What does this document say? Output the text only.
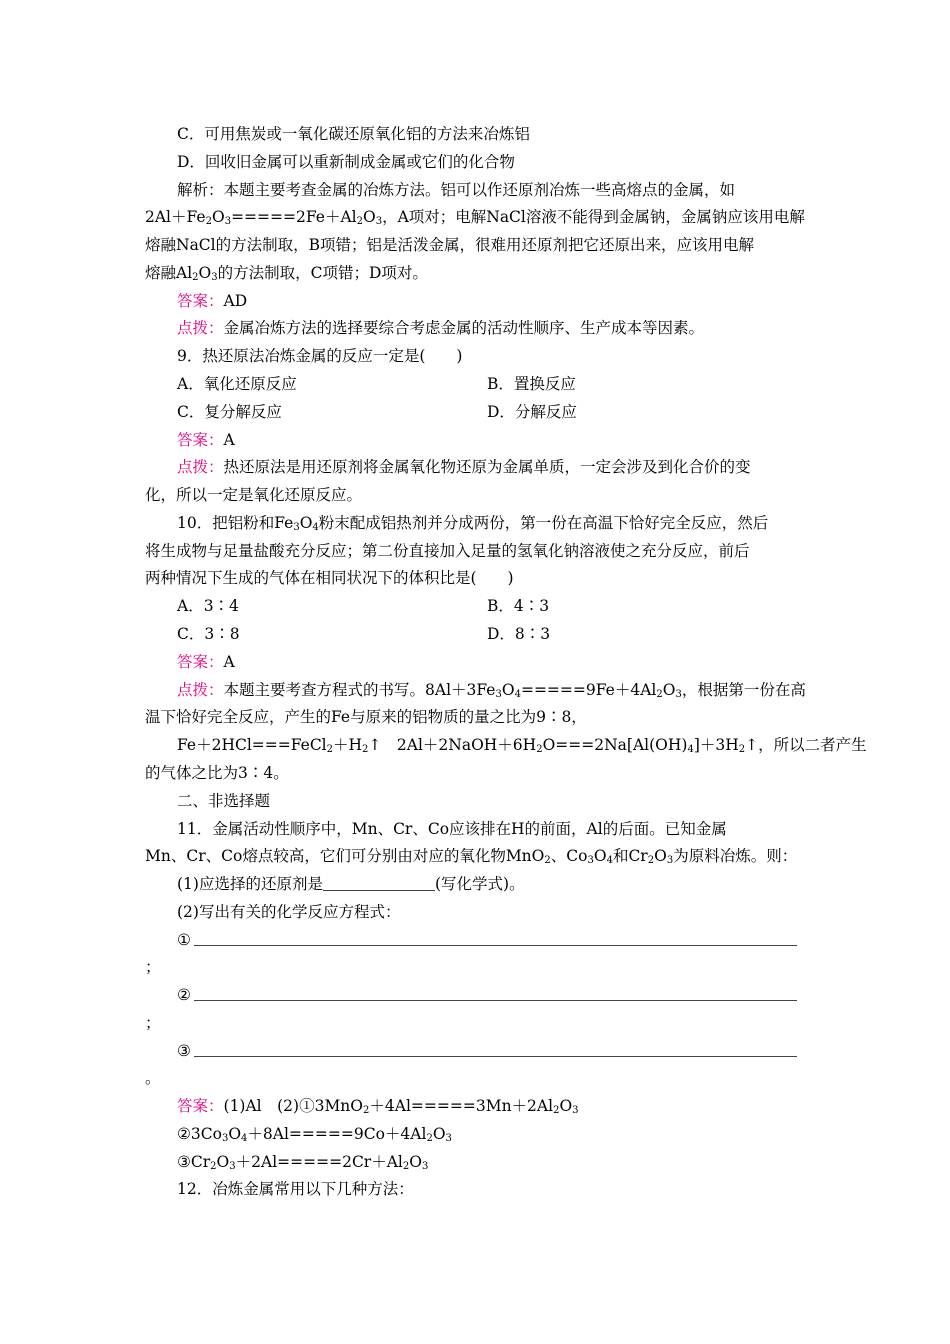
C．可用焦炭或一氧化碳还原氧化铝的方法来冶炼铝
D．回收旧金属可以重新制成金属或它们的化合物
解析：本题主要考查金属的冶炼方法。铝可以作还原剂冶炼一些高熔点的金属，如
$2Al+Fe_2O_3=====2Fe+Al_2O_3$，A项对；电解NaCl溶液不能得到金属钠，金属钠应该用电解
熔融NaCl的方法制取，B项错；铝是活泼金属，很难用还原剂把它还原出来，应该用电解
熔融$Al_2O_3$的方法制取，C项错；D项对。
答案：AD
点拨：金属冶炼方法的选择要综合考虑金属的活动性顺序、生产成本等因素。
9．热还原法冶炼金属的反应一定是(　　)
A．氧化还原反应	B．置换反应
C．复分解反应	D．分解反应
答案：A
点拨：热还原法是用还原剂将金属氧化物还原为金属单质，一定会涉及到化合价的变
化，所以一定是氧化还原反应。
10．把铝粉和$Fe_3O_4$粉末配成铝热剂并分成两份，第一份在高温下恰好完全反应，然后
将生成物与足量盐酸充分反应；第二份直接加入足量的氢氧化钠溶液使之充分反应，前后
两种情况下生成的气体在相同状况下的体积比是(　　)
A．3∶4	B．4∶3
C．3∶8	D．8∶3
答案：A
点拨：本题主要考查方程式的书写。$8Al+3Fe_3O_4=====9Fe+4Al_2O_3$，根据第一份在高
温下恰好完全反应，产生的Fe与原来的铝物质的量之比为9∶8，
$Fe+2HCl===FeCl_2+H_2↑$　$2Al+2NaOH+6H_2O===2Na[Al(OH)_4]+3H_2↑$，所以二者产生
的气体之比为3∶4。
二、非选择题
11．金属活动性顺序中，Mn、Cr、Co应该排在H的前面，Al的后面。已知金属
Mn、Cr、Co熔点较高，它们可分别由对应的氧化物MnO$_2$、$Co_3O_4$和$Cr_2O_3$为原料冶炼。则：
(1)应选择的还原剂是	(写化学式)。
(2)写出有关的化学反应方程式：
①
；
②
；
③
。
答案：(1)Al　$(2)①3MnO_2+4Al=====3Mn+2Al_2O_3$
$②3Co_3O_4+8Al=====9Co+4Al_2O_3$
$③Cr_2O_3+2Al=====2Cr+Al_2O_3$
12．冶炼金属常用以下几种方法：
